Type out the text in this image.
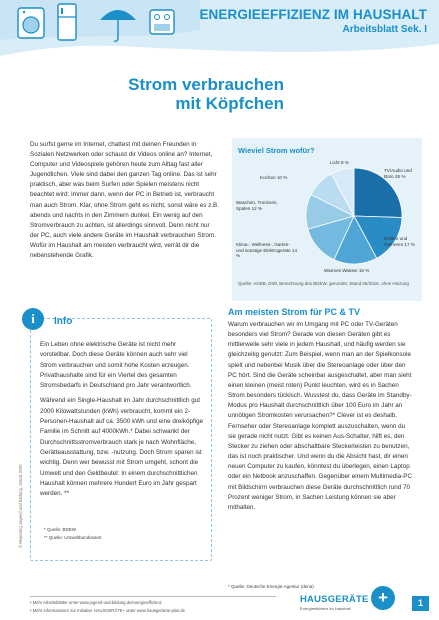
ENERGIEEFFIZIENZ IM HAUSHALT
Arbeitsblatt Sek. I
Strom verbrauchen
mit Köpfchen
Du surfst gerne im Internet, chattest mit deinen Freunden in Sozialen Netzwerken oder schaust dir Videos online an? Internet, Computer und Videospiele gehören heute zum Alltag fast aller Jugendlichen. Viele sind dabei den ganzen Tag online. Das ist sehr praktisch, aber was beim Surfen oder Spielen meistens nicht beachtet wird: Immer dann, wenn der PC in Betrieb ist, verbraucht man auch Strom. Klar, ohne Strom geht es nicht, sonst wäre es z.B. abends und nachts in den Zimmern dunkel. Ein wenig auf den Stromverbrauch zu achten, ist allerdings sinnvoll. Denn nicht nur der PC, auch viele andere Geräte im Haushalt verbrauchen Strom. Wofür im Haushalt am meisten verbraucht wird, verrät dir die nebenstehende Grafik.
Wieviel Strom wofür?
TV/Audio und Büro 26 %
Kühlen und Gefrieren 17 %
Warmes Wasser 15 %
Klima-, Wellness-, Garten- und sonstige Elektrogeräte 14 %
Waschen, Trocknen, Spülen 12 %
Kochen 10 %
Licht 8 %
Quelle: AGEB, DIW, Berechnung des BDEW, gerundet, Stand 06/2016, ohne Heizung
i	Info

Ein Leben ohne elektrische Geräte ist nicht mehr vorstellbar. Doch diese Geräte können auch sehr viel Strom verbrauchen und somit hohe Kosten erzeugen. Privathaushalte sind für ein Viertel des gesamten Stromsbedarfs in Deutschland pro Jahr verantwortlich.

Während ein Single-Haushalt im Jahr durchschnittlich gut 2000 Kilowattstunden (kWh) verbraucht, kommt ein 2-Personen-Haushalt auf ca. 3500 kWh und eine dreiköpfige Familie im Schnitt auf 4000kWh.* Dabei schwankt der Durchschnittsstromverbrauch stark je nach Wohnfläche, Gerätteausstattung, bzw. -nutzung. Doch Strom sparen ist wichtig. Denn wer bewusst mit Strom umgeht, schont die Umwelt und den Geldbeutel: In einem durchschnittlichen Haushalt können mehrere Hundert Euro im Jahr gespart werden. **

* Quelle: BDEW
** Quelle: Umweltbundesamt
© Rejecting Jugend und Bildung, Stand 2020
Am meisten Strom für PC & TV
Warum verbrauchen wir im Umgang mit PC oder TV-Geräten besonders viel Strom? Gerade von diesen Geräten gibt es mittlerweile sehr viele in jedem Haushalt, und häufig werden sie gleichzeitig genutzt: Zum Beispiel, wenn man an der Spielkonsole spielt und nebenbei Musik über die Stereoanlage oder über den PC hört. Sind die Geräte scheinbar ausgeschaltet, aber man sieht einen kleinen (meist roten) Punkt leuchten, wird es in Sachen Strom besonders tückisch. Wusstest du, dass Geräte im Standby-Modus pro Haushalt durchschnittlich über 100 Euro im Jahr an unnötigen Stromkosten verursachen?* Clever ist es deshalb, Fernseher oder Stereoanlage komplett auszuschalten, wenn du sie gerade nicht nutzt. Gibt es keinen Aus-Schalter, hilft es, den Stecker zu ziehen oder abschaltbare Steckerleisten zu benutzen, das ist noch praktischer. Und wenn du die Absicht hast, dir einen neuen Computer zu kaufen, könntest du überlegen, einen Laptop oder ein Netbook anzuschaffen. Gegenüber einem Multimedia-PC mit Bildschirm verbrauchen diese Geräte durchschnittlich rund 70 Prozent weniger Strom, in Sachen Leistung können sie aber mithalten.
* Quelle: Deutsche Energie-Agentur (dena)
• Mehr Arbeitsblätter unter www.jugend-und-bildung.de/energieeffizienz
• Mehr Informationen zur Initiative HAUSGERÄTE+ unter www.hausgeraete-plus.de
HAUSGERÄTE
Energieeffizienz im Haushalt
+	1
